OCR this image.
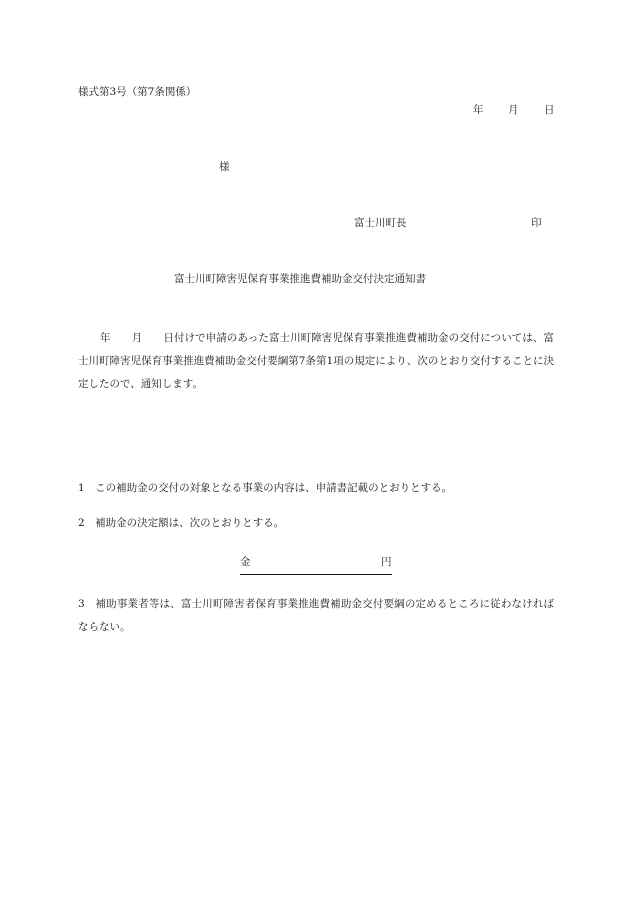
様式第3号（第7条関係）
年 月 日
様
富士川町長	印
富士川町障害児保育事業推進費補助金交付決定通知書
年　　月　　日付けで申請のあった富士川町障害児保育事業推進費補助金の交付については、富士川町障害児保育事業推進費補助金交付要綱第7条第1項の規定により、次のとおり交付することに決定したので、通知します。
1　この補助金の交付の対象となる事業の内容は、申請書記載のとおりとする。
2　補助金の決定額は、次のとおりとする。
金	円
3　補助事業者等は、富士川町障害者保育事業推進費補助金交付要綱の定めるところに従わなければならない。
